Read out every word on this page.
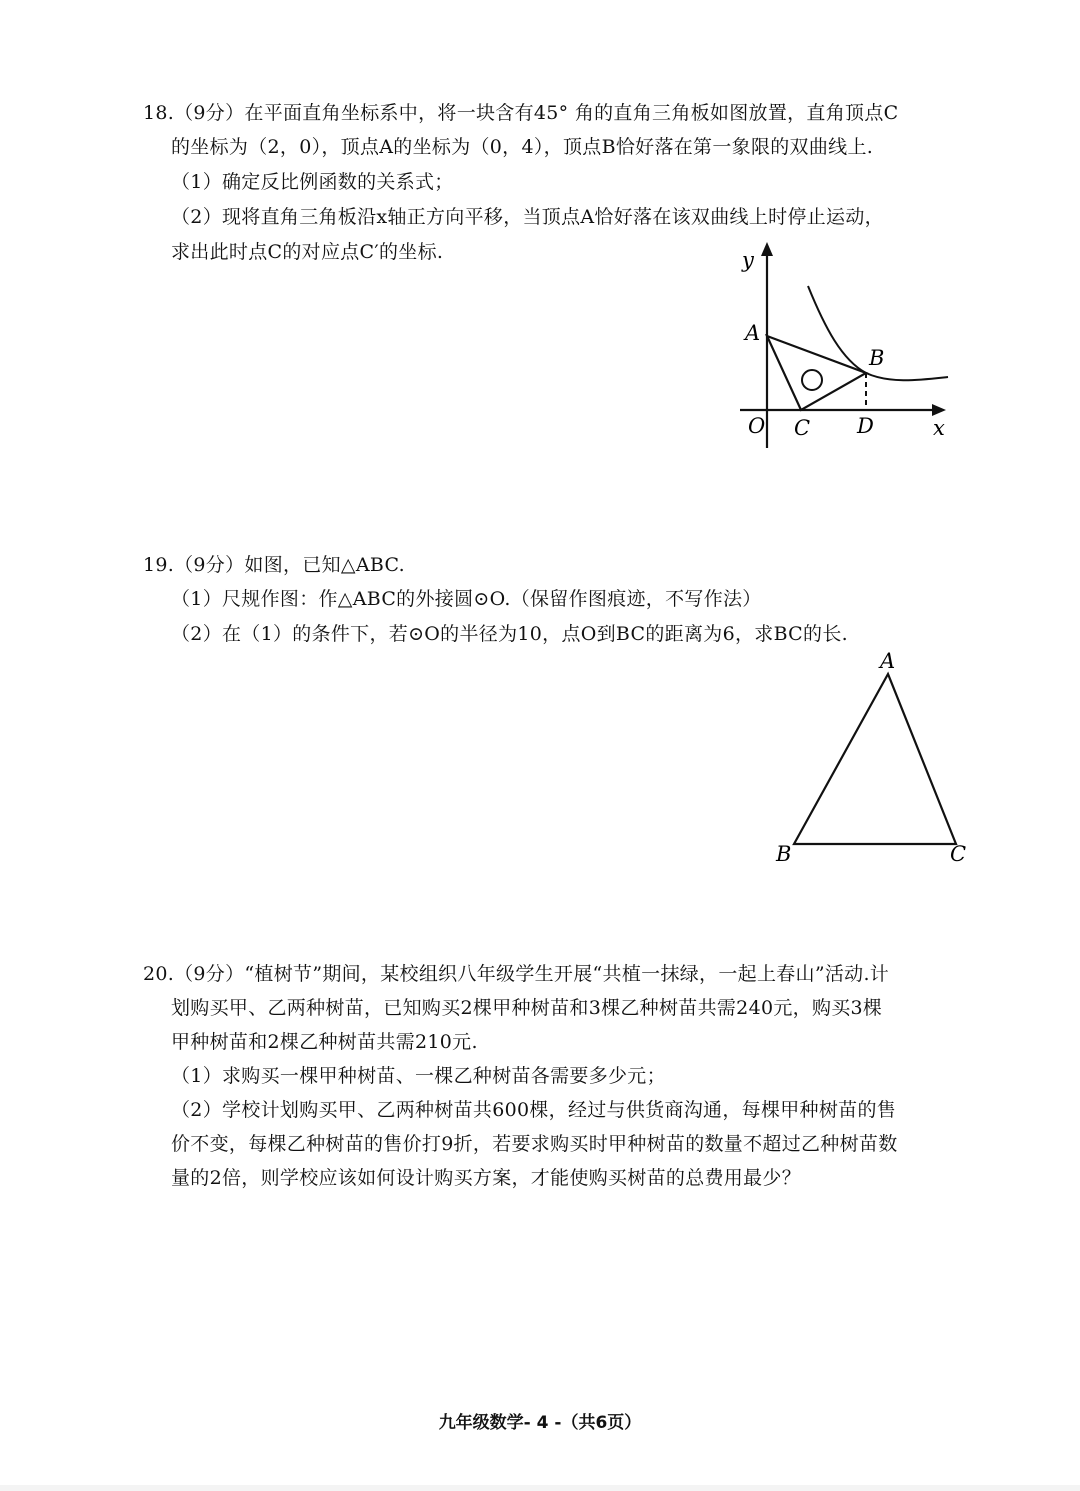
18.（9分）在平面直角坐标系中，将一块含有45° 角的直角三角板如图放置，直角顶点C
的坐标为（2，0），顶点A的坐标为（0，4），顶点B恰好落在第一象限的双曲线上.
（1）确定反比例函数的关系式；
（2）现将直角三角板沿x轴正方向平移，当顶点A恰好落在该双曲线上时停止运动，
求出此时点C的对应点C′的坐标.	y
x
O
A
B
C D
19.（9分）如图，已知△ABC.
（1）尺规作图：作△ABC的外接圆⊙O.（保留作图痕迹，不写作法）
（2）在（1）的条件下，若⊙O的半径为10，点O到BC的距离为6，求BC的长.
A
B	C
20.（9分）“植树节”期间，某校组织八年级学生开展“共植一抹绿，一起上春山”活动.计
划购买甲、乙两种树苗，已知购买2棵甲种树苗和3棵乙种树苗共需240元，购买3棵
甲种树苗和2棵乙种树苗共需210元.
（1）求购买一棵甲种树苗、一棵乙种树苗各需要多少元；
（2）学校计划购买甲、乙两种树苗共600棵，经过与供货商沟通，每棵甲种树苗的售
价不变，每棵乙种树苗的售价打9折，若要求购买时甲种树苗的数量不超过乙种树苗数
量的2倍，则学校应该如何设计购买方案，才能使购买树苗的总费用最少？
九年级数学- 4 -（共6页）
